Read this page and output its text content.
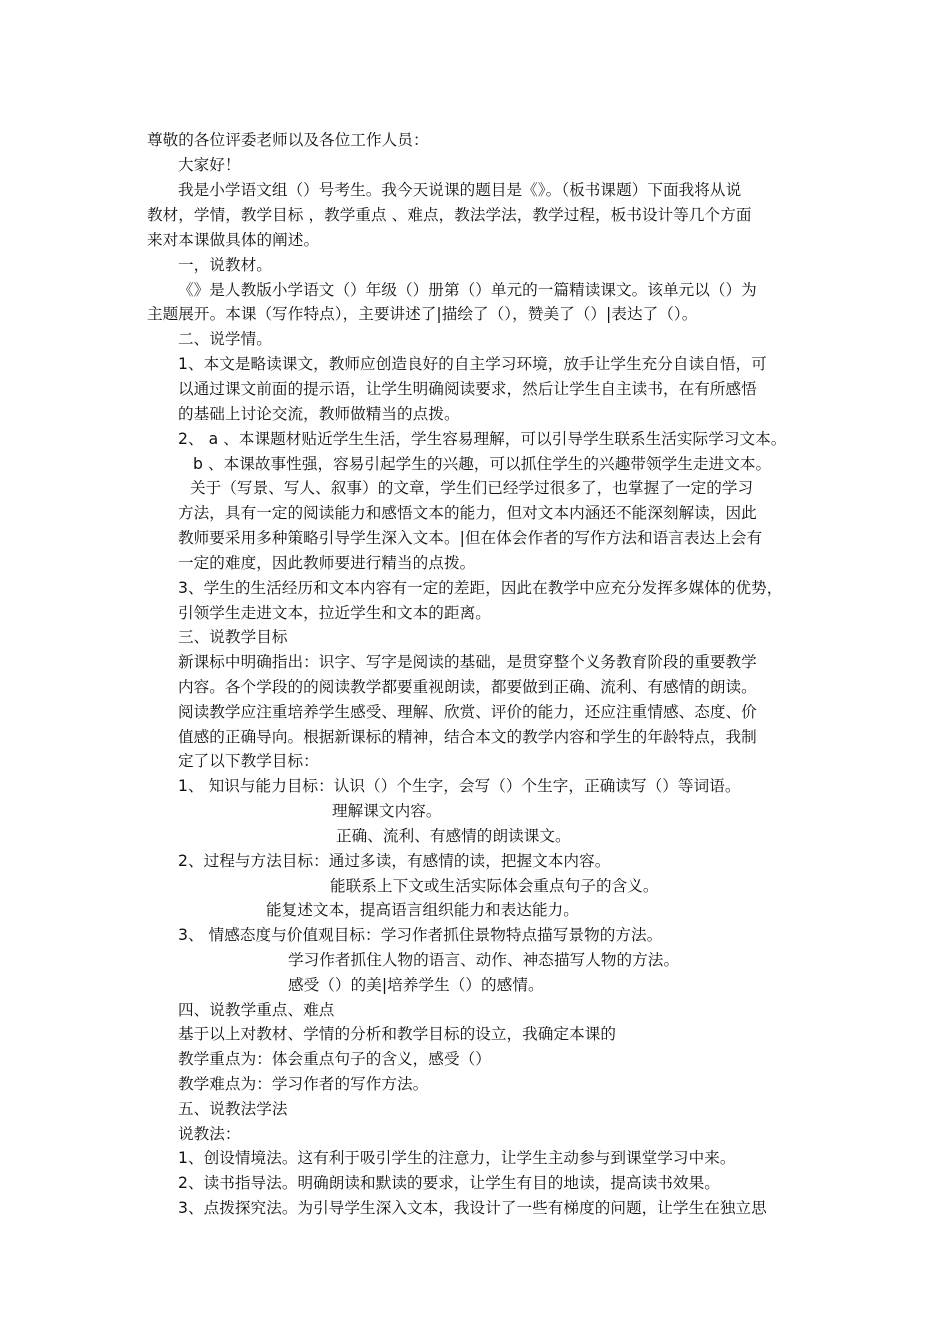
尊敬的各位评委老师以及各位工作人员：
大家好！
我是小学语文组（）号考生。我今天说课的题目是《》。（板书课题）下面我将从说
教材，学情，教学目标 ，教学重点 、难点，教法学法，教学过程，板书设计等几个方面
来对本课做具体的阐述。
一，说教材。
《》是人教版小学语文（）年级（）册第（）单元的一篇精读课文。该单元以（）为
主题展开。本课（写作特点），主要讲述了|描绘了（），赞美了（）|表达了（）。
二、说学情。
1、本文是略读课文，教师应创造良好的自主学习环境，放手让学生充分自读自悟，可
以通过课文前面的提示语，让学生明确阅读要求，然后让学生自主读书，在有所感悟
的基础上讨论交流，教师做精当的点拨。
2、 a 、本课题材贴近学生生活，学生容易理解，可以引导学生联系生活实际学习文本。
b 、本课故事性强，容易引起学生的兴趣，可以抓住学生的兴趣带领学生走进文本。
关于（写景、写人、叙事）的文章，学生们已经学过很多了，也掌握了一定的学习
方法，具有一定的阅读能力和感悟文本的能力，但对文本内涵还不能深刻解读，因此
教师要采用多种策略引导学生深入文本。|但在体会作者的写作方法和语言表达上会有
一定的难度，因此教师要进行精当的点拨。
3、学生的生活经历和文本内容有一定的差距，因此在教学中应充分发挥多媒体的优势，
引领学生走进文本，拉近学生和文本的距离。
三、说教学目标
新课标中明确指出：识字、写字是阅读的基础，是贯穿整个义务教育阶段的重要教学
内容。各个学段的的阅读教学都要重视朗读，都要做到正确、流利、有感情的朗读。
阅读教学应注重培养学生感受、理解、欣赏、评价的能力，还应注重情感、态度、价
值感的正确导向。根据新课标的精神，结合本文的教学内容和学生的年龄特点，我制
定了以下教学目标：
1、 知识与能力目标：认识（）个生字，会写（）个生字，正确读写（）等词语。
理解课文内容。
正确、流利、有感情的朗读课文。
2、过程与方法目标：通过多读，有感情的读，把握文本内容。
能联系上下文或生活实际体会重点句子的含义。
能复述文本，提高语言组织能力和表达能力。
3、 情感态度与价值观目标：学习作者抓住景物特点描写景物的方法。
学习作者抓住人物的语言、动作、神态描写人物的方法。
感受（）的美|培养学生（）的感情。
四、说教学重点、难点
基于以上对教材、学情的分析和教学目标的设立，我确定本课的
教学重点为：体会重点句子的含义，感受（）
教学难点为：学习作者的写作方法。
五、说教法学法
说教法：
1、创设情境法。这有利于吸引学生的注意力，让学生主动参与到课堂学习中来。
2、读书指导法。明确朗读和默读的要求，让学生有目的地读，提高读书效果。
3、点拨探究法。为引导学生深入文本，我设计了一些有梯度的问题，让学生在独立思
